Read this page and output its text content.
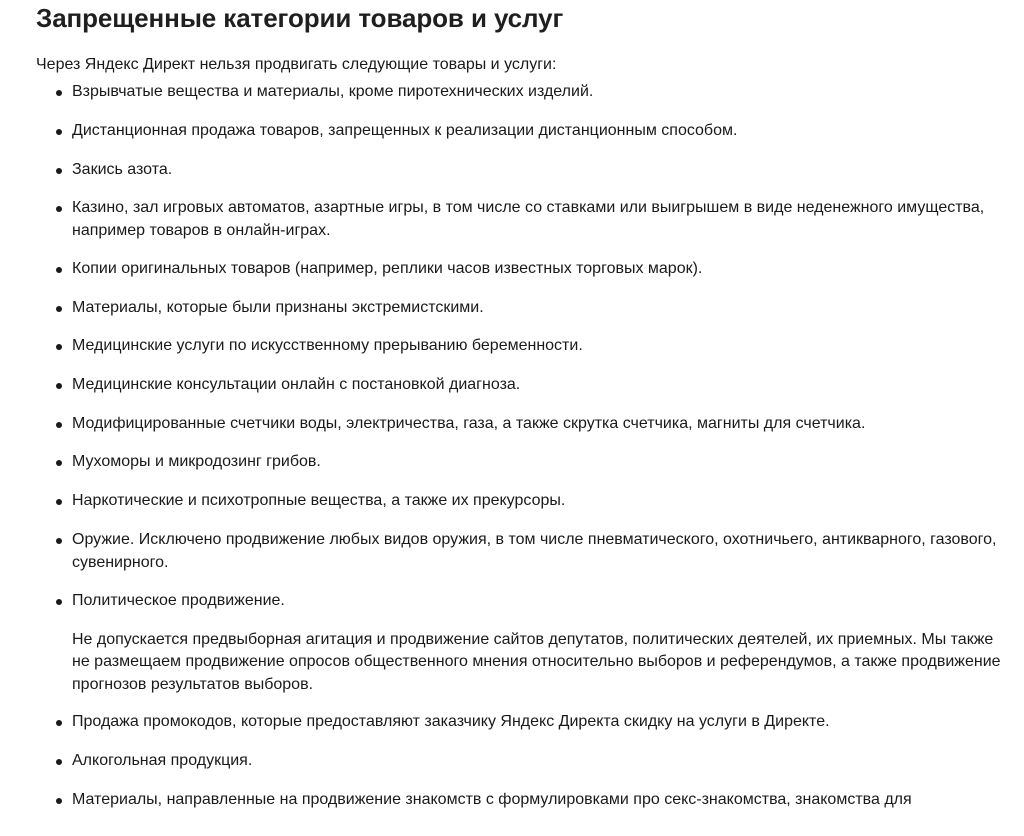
Запрещенные категории товаров и услуг

Через Яндекс Директ нельзя продвигать следующие товары и услуги:

Взрывчатые вещества и материалы, кроме пиротехнических изделий.

Дистанционная продажа товаров, запрещенных к реализации дистанционным способом.

Закись азота.

Казино, зал игровых автоматов, азартные игры, в том числе со ставками или выигрышем в виде неденежного имущества, например товаров в онлайн-играх.

Копии оригинальных товаров (например, реплики часов известных торговых марок).

Материалы, которые были признаны экстремистскими.

Медицинские услуги по искусственному прерыванию беременности.

Медицинские консультации онлайн с постановкой диагноза.

Модифицированные счетчики воды, электричества, газа, а также скрутка счетчика, магниты для счетчика.

Мухоморы и микродозинг грибов.

Наркотические и психотропные вещества, а также их прекурсоры.

Оружие. Исключено продвижение любых видов оружия, в том числе пневматического, охотничьего, антикварного, газового, сувенирного.

Политическое продвижение.

Не допускается предвыборная агитация и продвижение сайтов депутатов, политических деятелей, их приемных. Мы также не размещаем продвижение опросов общественного мнения относительно выборов и референдумов, а также продвижение прогнозов результатов выборов.

Продажа промокодов, которые предоставляют заказчику Яндекс Директа скидку на услуги в Директе.

Алкогольная продукция.

Материалы, направленные на продвижение знакомств с формулировками про секс-знакомства, знакомства для
